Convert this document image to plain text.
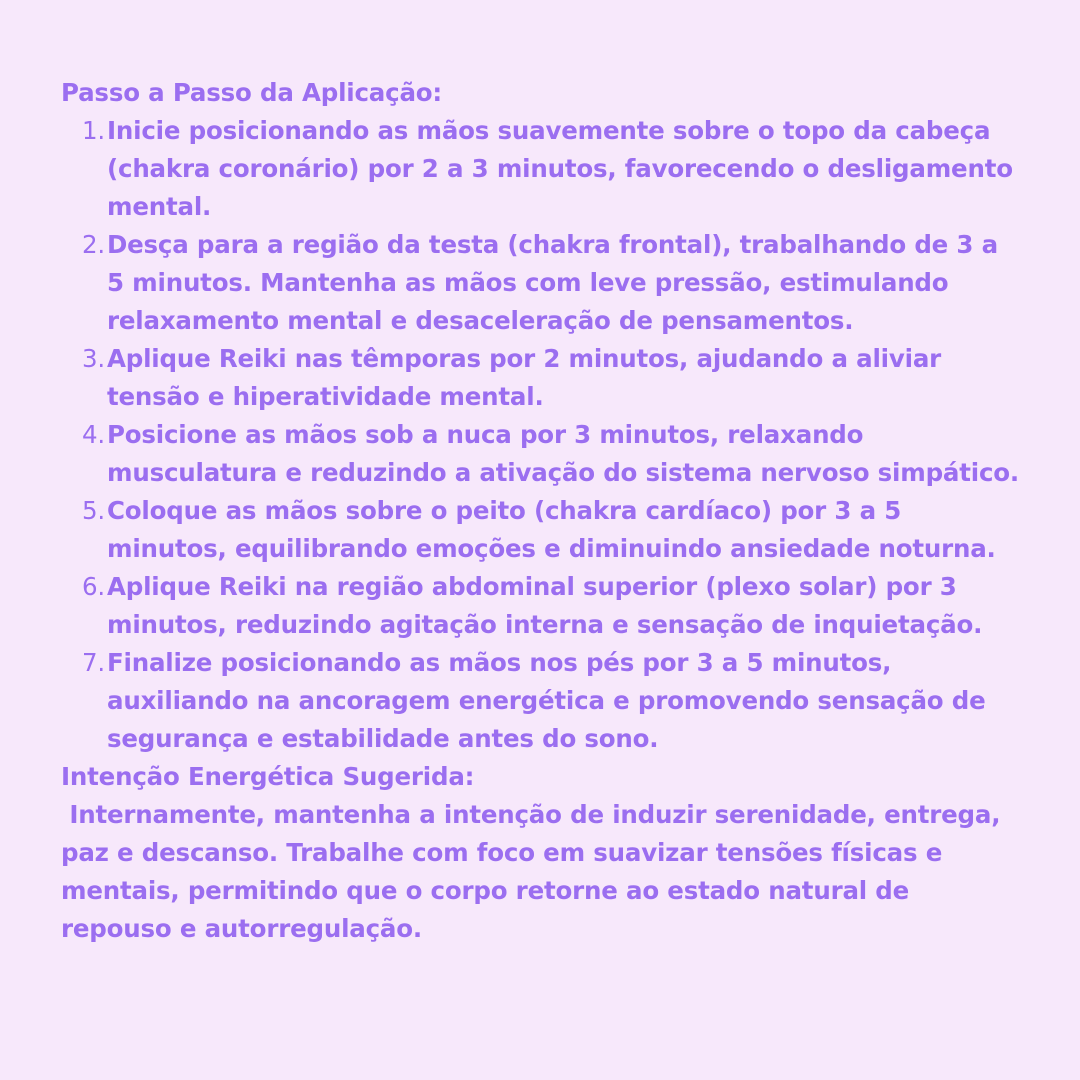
Passo a Passo da Aplicação:
1. Inicie posicionando as mãos suavemente sobre o topo da cabeça (chakra coronário) por 2 a 3 minutos, favorecendo o desligamento mental.
2. Desça para a região da testa (chakra frontal), trabalhando de 3 a 5 minutos. Mantenha as mãos com leve pressão, estimulando relaxamento mental e desaceleração de pensamentos.
3. Aplique Reiki nas têmporas por 2 minutos, ajudando a aliviar tensão e hiperatividade mental.
4. Posicione as mãos sob a nuca por 3 minutos, relaxando musculatura e reduzindo a ativação do sistema nervoso simpático.
5. Coloque as mãos sobre o peito (chakra cardíaco) por 3 a 5 minutos, equilibrando emoções e diminuindo ansiedade noturna.
6. Aplique Reiki na região abdominal superior (plexo solar) por 3 minutos, reduzindo agitação interna e sensação de inquietação.
7. Finalize posicionando as mãos nos pés por 3 a 5 minutos, auxiliando na ancoragem energética e promovendo sensação de segurança e estabilidade antes do sono.
Intenção Energética Sugerida:

Internamente, mantenha a intenção de induzir serenidade, entrega, paz e descanso. Trabalhe com foco em suavizar tensões físicas e mentais, permitindo que o corpo retorne ao estado natural de repouso e autorregulação.
